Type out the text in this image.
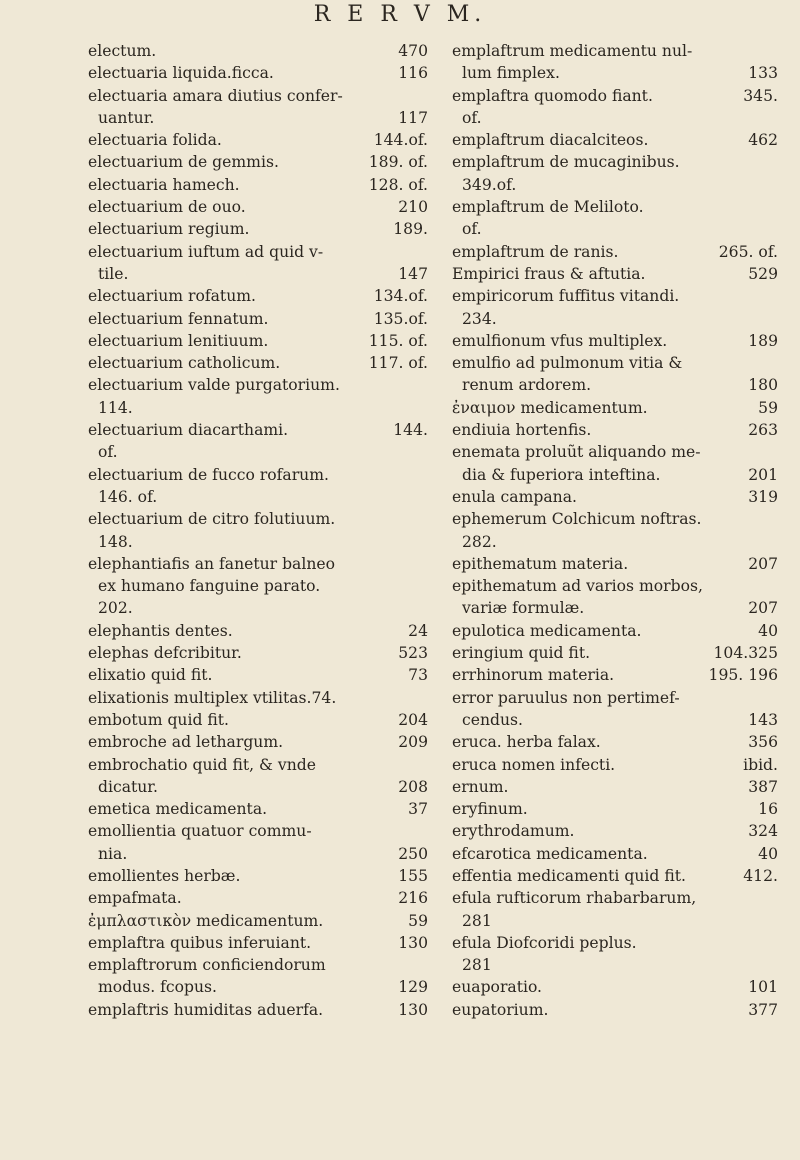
R E R V M.
electum.	470
electuaria liquida.ficca.	116
electuaria amara diutius confer-
uantur.	117
electuaria folida.	144.of.
electuarium de gemmis.	189. of.
electuaria hamech.	128. of.
electuarium de ouo.	210
electuarium regium.	189.
electuarium iuftum ad quid v-
tile.	147
electuarium rofatum.	134.of.
electuarium fennatum.	135.of.
electuarium lenitiuum.	115. of.
electuarium catholicum.	117. of.
electuarium valde purgatorium.
114.
electuarium diacarthami.	144.
of.
electuarium de fucco rofarum.
146. of.
electuarium de citro folutiuum.
148.
elephantiafis an fanetur balneo
ex humano fanguine parato.
202.
elephantis dentes.	24
elephas defcribitur.	523
elixatio quid fit.	73
elixationis multiplex vtilitas.74.
embotum quid fit.	204
embroche ad lethargum.	209
embrochatio quid fit, & vnde
dicatur.	208
emetica medicamenta.	37
emollientia quatuor commu-
nia.	250
emollientes herbæ.	155
empafmata.	216
ἐμπλαστικὸν medicamentum.	59
emplaftra quibus inferuiant.	130
emplaftrorum conficiendorum
modus. fcopus.	129
emplaftris humiditas aduerfa.	130
emplaftrum medicamentu nul-
lum fimplex.	133
emplaftra quomodo fiant.	345.
of.
emplaftrum diacalciteos.	462
emplaftrum de mucaginibus.
349.of.
emplaftrum de Meliloto.
of.
emplaftrum de ranis.	265. of.
Empirici fraus & aftutia.	529
empiricorum fuffitus vitandi.
234.
emulfionum vfus multiplex.	189
emulfio ad pulmonum vitia &
renum ardorem.	180
ἐναιμον medicamentum.	59
endiuia hortenfis.	263
enemata proluũt aliquando me-
dia & fuperiora inteftina.	201
enula campana.	319
ephemerum Colchicum noftras.
282.
epithematum materia.	207
epithematum ad varios morbos,
variæ formulæ.	207
epulotica medicamenta.	40
eringium quid fit.	104.325
errhinorum materia.	195. 196
error paruulus non pertimef-
cendus.	143
eruca. herba falax.	356
eruca nomen infecti.	ibid.
ernum.	387
eryfinum.	16
erythrodamum.	324
efcarotica medicamenta.	40
effentia medicamenti quid fit.	412.
efula rufticorum rhabarbarum,
281
efula Diofcoridi peplus.
281
euaporatio.	101
eupatorium.	377
